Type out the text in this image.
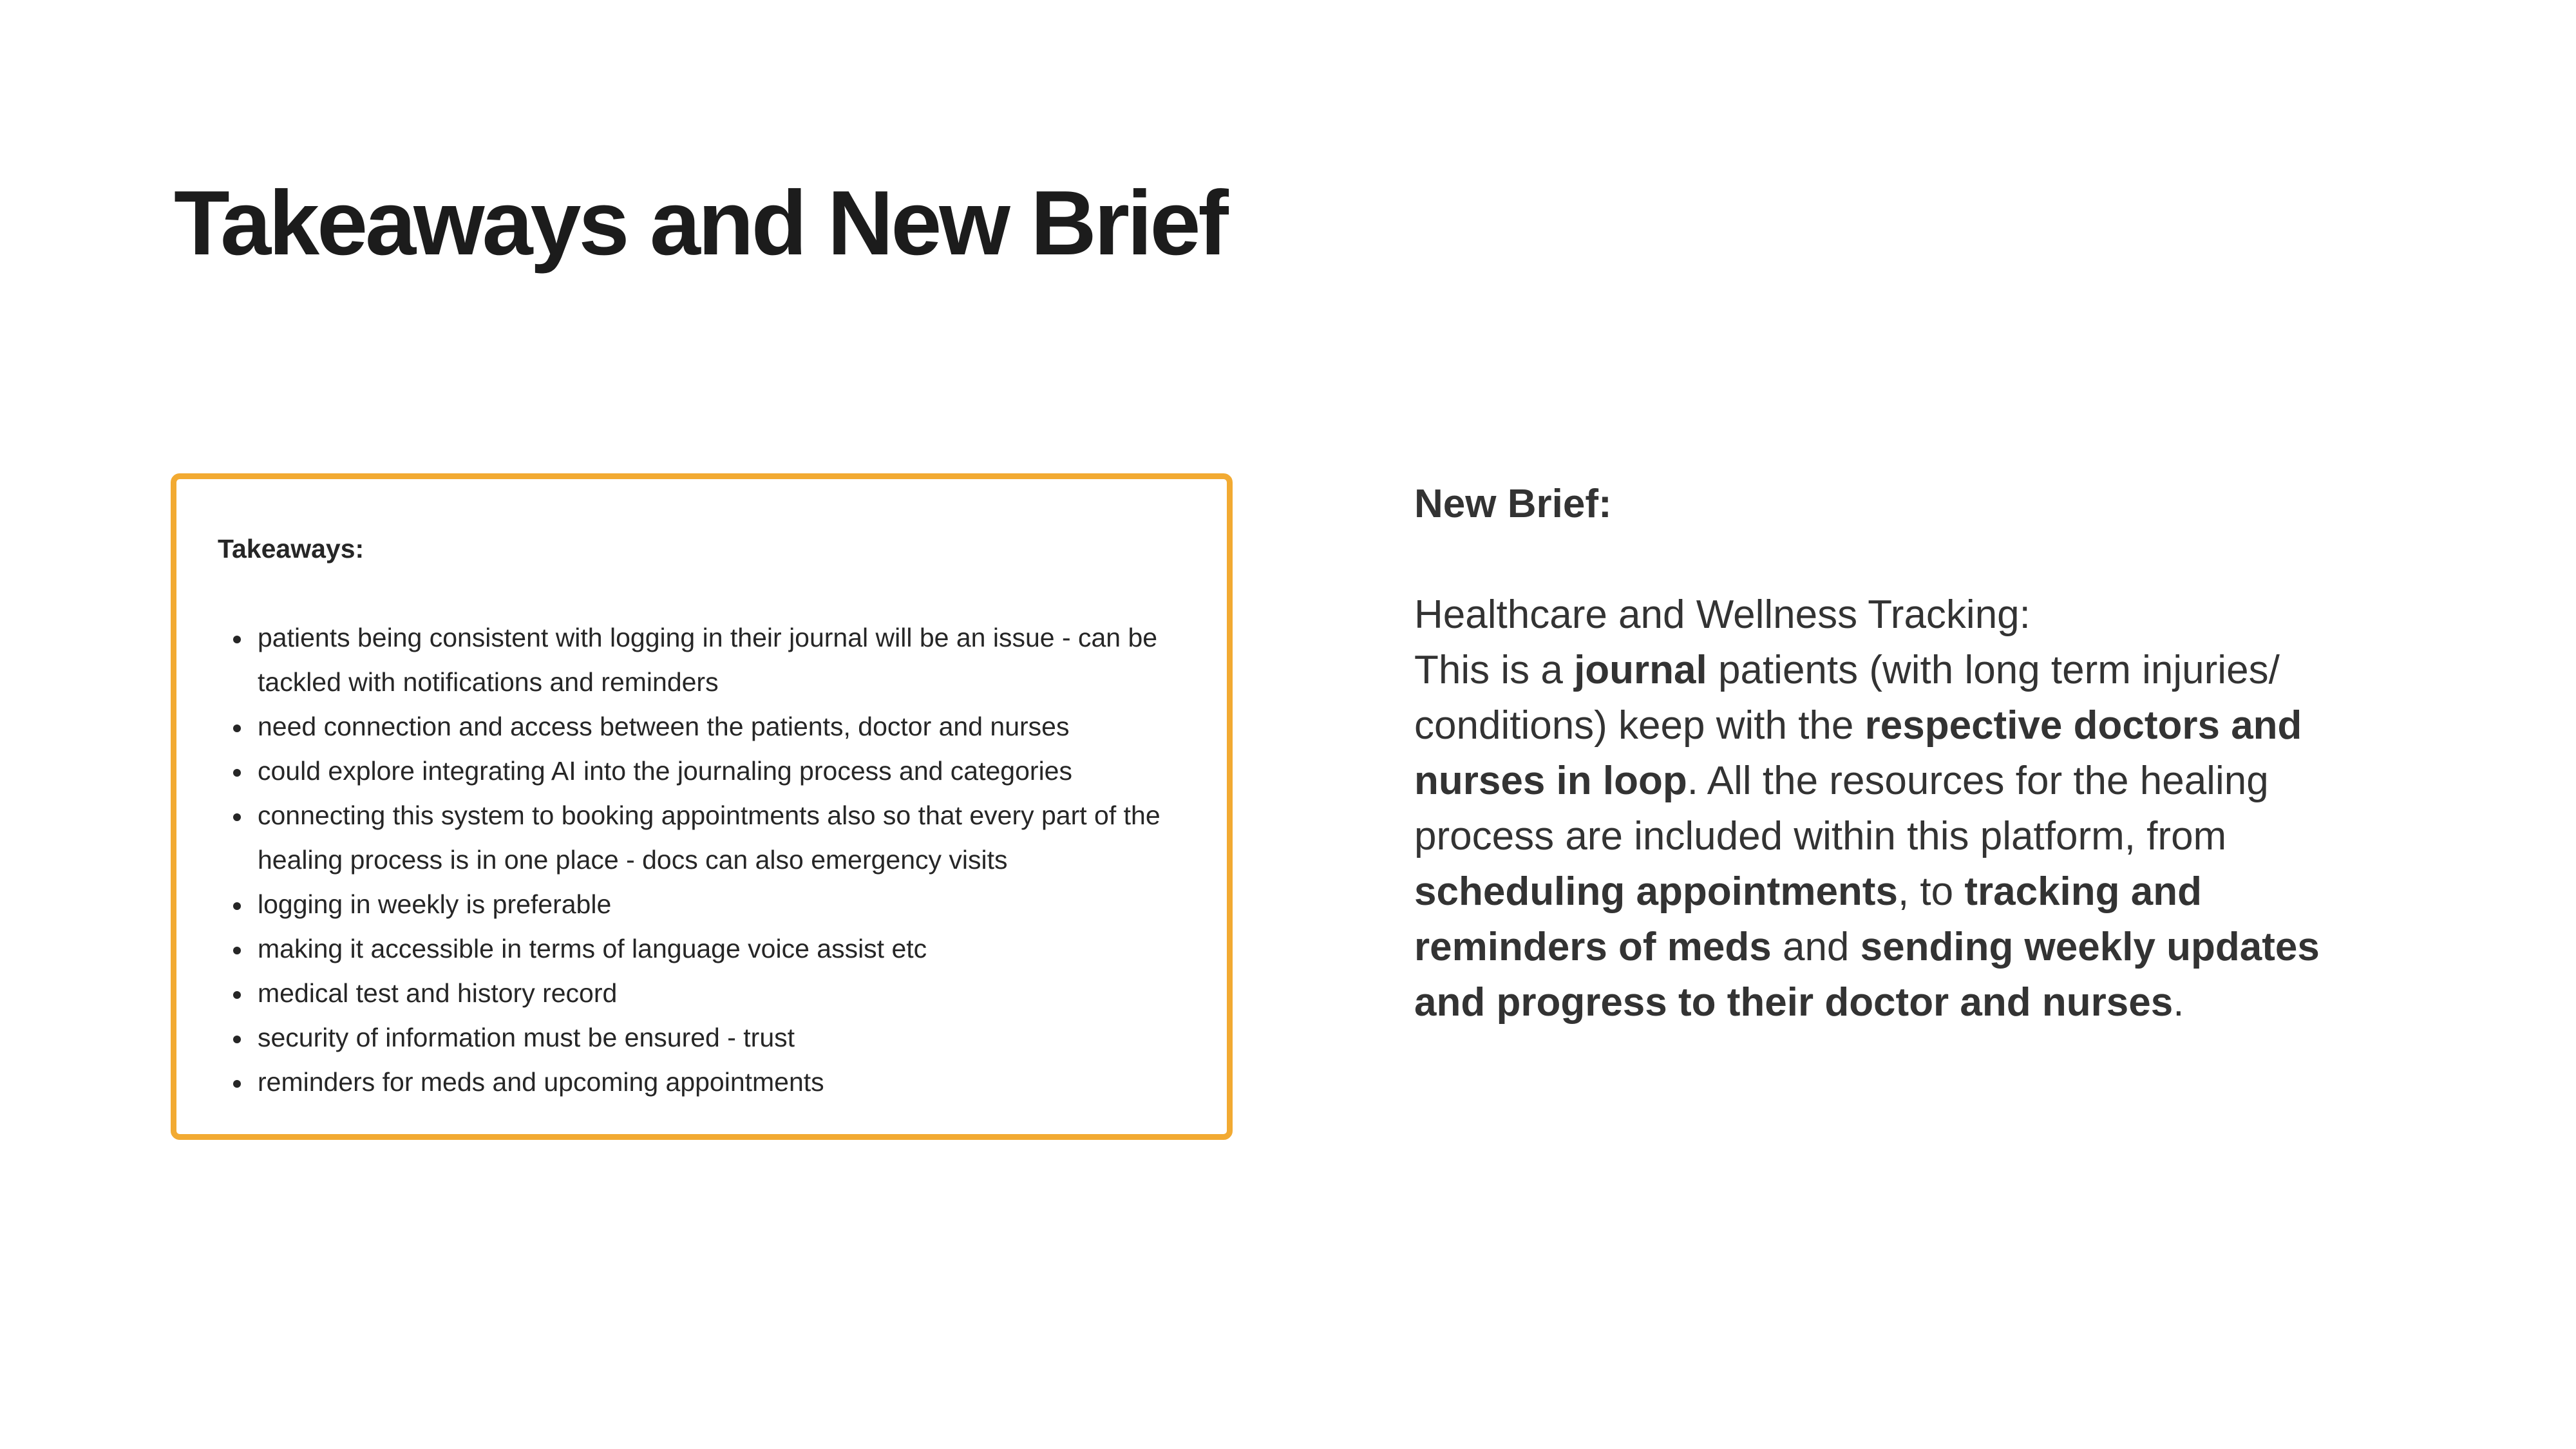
Takeaways and New Brief

Takeaways:

patients being consistent with logging in their journal will be an issue - can be tackled with notifications and reminders
need connection and access between the patients, doctor and nurses
could explore integrating AI into the journaling process and categories
connecting this system to booking appointments also so that every part of the healing process is in one place - docs can also emergency visits
logging in weekly is preferable
making it accessible in terms of language voice assist etc
medical test and history record
security of information must be ensured - trust
reminders for meds and upcoming appointments

New Brief:

Healthcare and Wellness Tracking:

This is a journal patients (with long term injuries/ conditions) keep with the respective doctors and nurses in loop. All the resources for the healing process are included within this platform, from scheduling appointments, to tracking and reminders of meds and sending weekly updates and progress to their doctor and nurses.
